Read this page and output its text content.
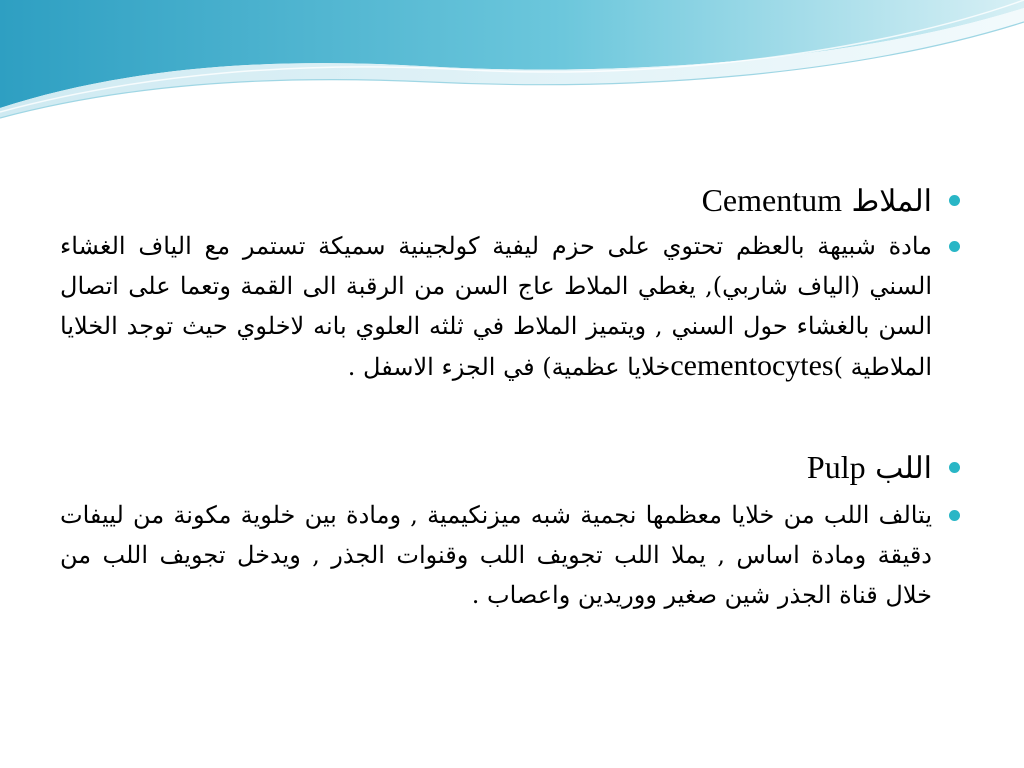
الملاط Cementum

مادة شبيهة بالعظم تحتوي على حزم ليفية كولجينية سميكة تستمر مع الياف الغشاء السني (الياف شاربي), يغطي الملاط عاج السن من الرقبة الى القمة وتعما على اتصال السن بالغشاء حول السني , ويتميز الملاط في ثلثه العلوي بانه لاخلوي حيث توجد الخلايا الملاطية )cementocytesخلايا عظمية) في الجزء الاسفل .

اللب Pulp

يتالف اللب من خلايا معظمها نجمية شبه ميزنكيمية , ومادة بين خلوية مكونة من لييفات دقيقة ومادة اساس , يملا اللب تجويف اللب وقنوات الجذر , ويدخل تجويف اللب من خلال قناة الجذر شين صغير ووريدين واعصاب .
